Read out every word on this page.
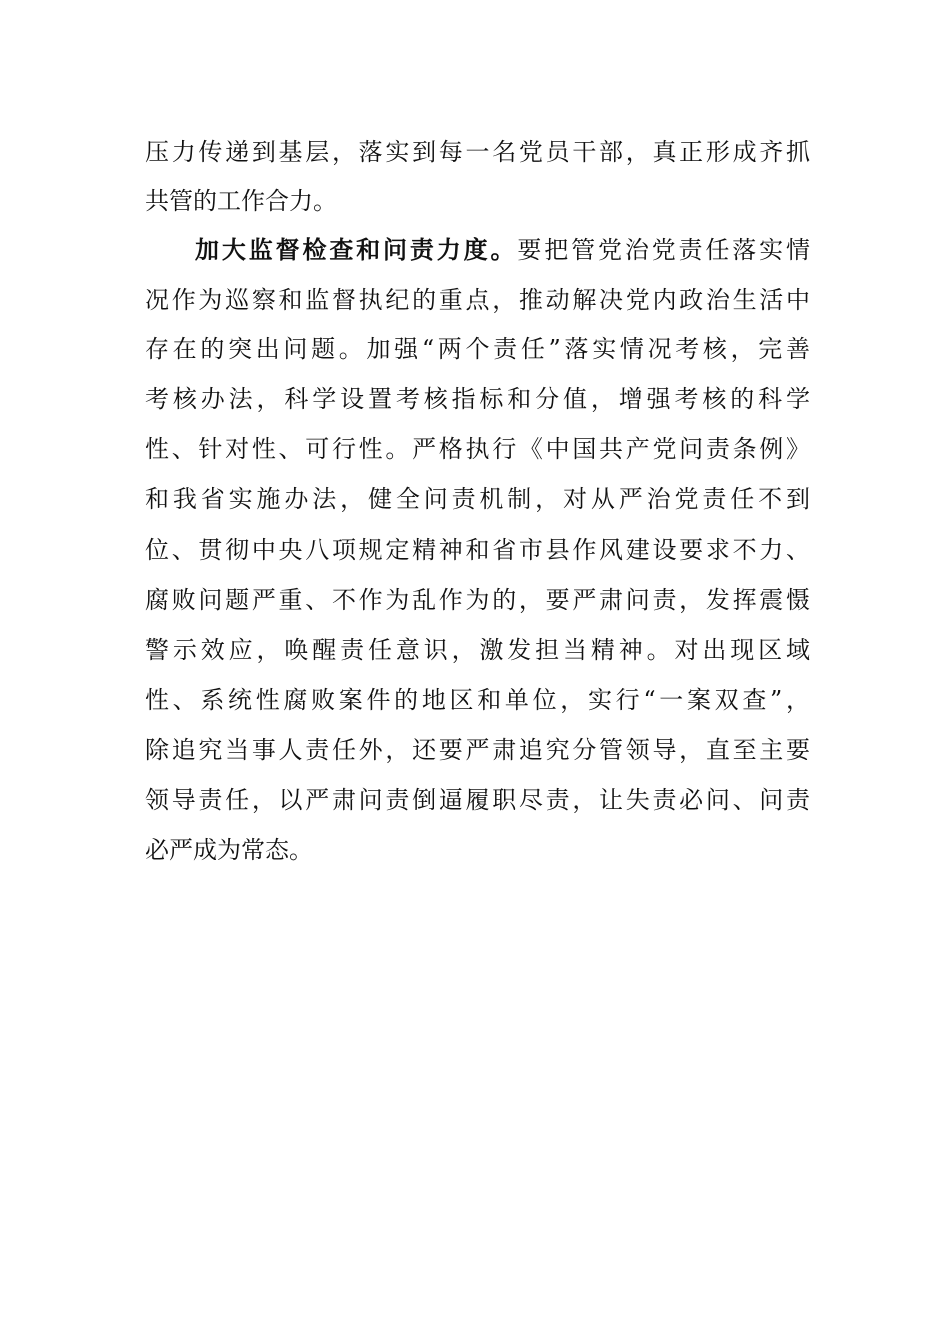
压力传递到基层，落实到每一名党员干部，真正形成齐抓

共管的工作合力。

加大监督检查和问责力度。要把管党治党责任落实情

况作为巡察和监督执纪的重点，推动解决党内政治生活中

存在的突出问题。加强“两个责任”落实情况考核，完善

考核办法，科学设置考核指标和分值，增强考核的科学

性、针对性、可行性。严格执行《中国共产党问责条例》

和我省实施办法，健全问责机制，对从严治党责任不到

位、贯彻中央八项规定精神和省市县作风建设要求不力、

腐败问题严重、不作为乱作为的，要严肃问责，发挥震慑

警示效应，唤醒责任意识，激发担当精神。对出现区域

性、系统性腐败案件的地区和单位，实行“一案双查”，

除追究当事人责任外，还要严肃追究分管领导，直至主要

领导责任，以严肃问责倒逼履职尽责，让失责必问、问责

必严成为常态。
